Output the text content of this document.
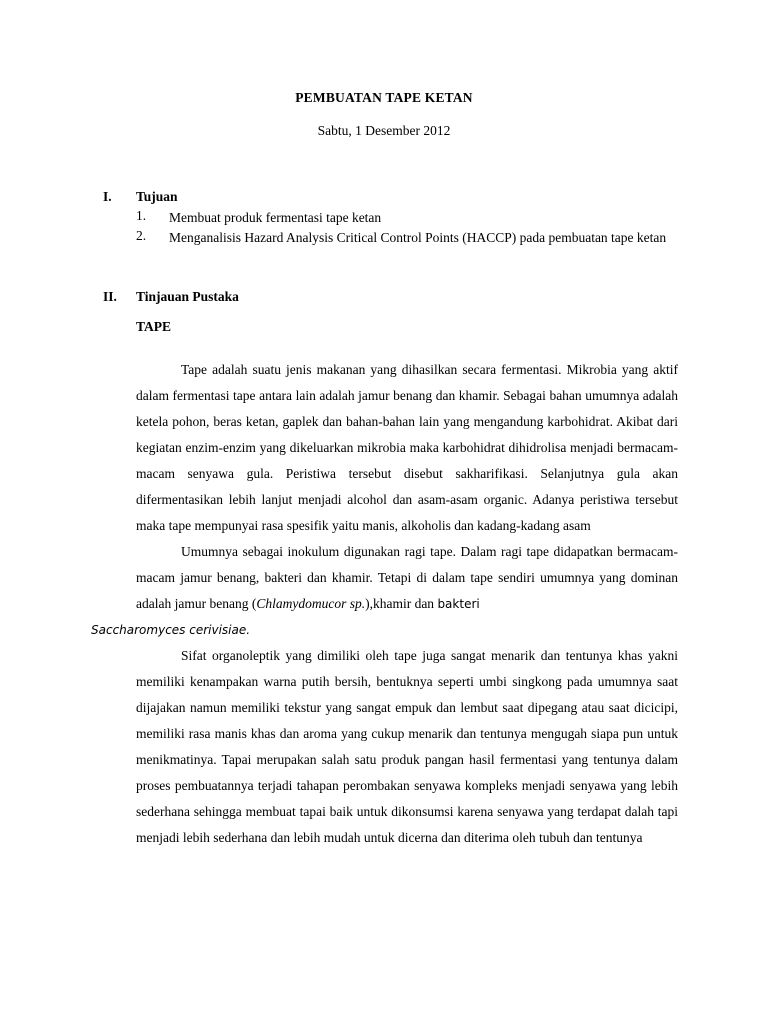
PEMBUATAN TAPE KETAN
Sabtu, 1 Desember 2012
I. Tujuan
1. Membuat produk fermentasi tape ketan
2. Menganalisis Hazard Analysis Critical Control Points (HACCP) pada pembuatan tape ketan
II. Tinjauan Pustaka
TAPE

Tape adalah suatu jenis makanan yang dihasilkan secara fermentasi. Mikrobia yang aktif dalam fermentasi tape antara lain adalah jamur benang dan khamir. Sebagai bahan umumnya adalah ketela pohon, beras ketan, gaplek dan bahan-bahan lain yang mengandung karbohidrat. Akibat dari kegiatan enzim-enzim yang dikeluarkan mikrobia maka karbohidrat dihidrolisa menjadi bermacam-macam senyawa gula. Peristiwa tersebut disebut sakharifikasi. Selanjutnya gula akan difermentasikan lebih lanjut menjadi alcohol dan asam-asam organic. Adanya peristiwa tersebut maka tape mempunyai rasa spesifik yaitu manis, alkoholis dan kadang-kadang asam

Umumnya sebagai inokulum digunakan ragi tape. Dalam ragi tape didapatkan bermacam-macam jamur benang, bakteri dan khamir. Tetapi di dalam tape sendiri umumnya yang dominan adalah jamur benang (Chlamydomucor sp.),khamir dan bakteri
Saccharomyces cerivisiae.

Sifat organoleptik yang dimiliki oleh tape juga sangat menarik dan tentunya khas yakni memiliki kenampakan warna putih bersih, bentuknya seperti umbi singkong pada umumnya saat dijajakan namun memiliki tekstur yang sangat empuk dan lembut saat dipegang atau saat dicicipi, memiliki rasa manis khas dan aroma yang cukup menarik dan tentunya mengugah siapa pun untuk menikmatinya. Tapai merupakan salah satu produk pangan hasil fermentasi yang tentunya dalam proses pembuatannya terjadi tahapan perombakan senyawa kompleks menjadi senyawa yang lebih sederhana sehingga membuat tapai baik untuk dikonsumsi karena senyawa yang terdapat dalah tapi menjadi lebih sederhana dan lebih mudah untuk dicerna dan diterima oleh tubuh dan tentunya
